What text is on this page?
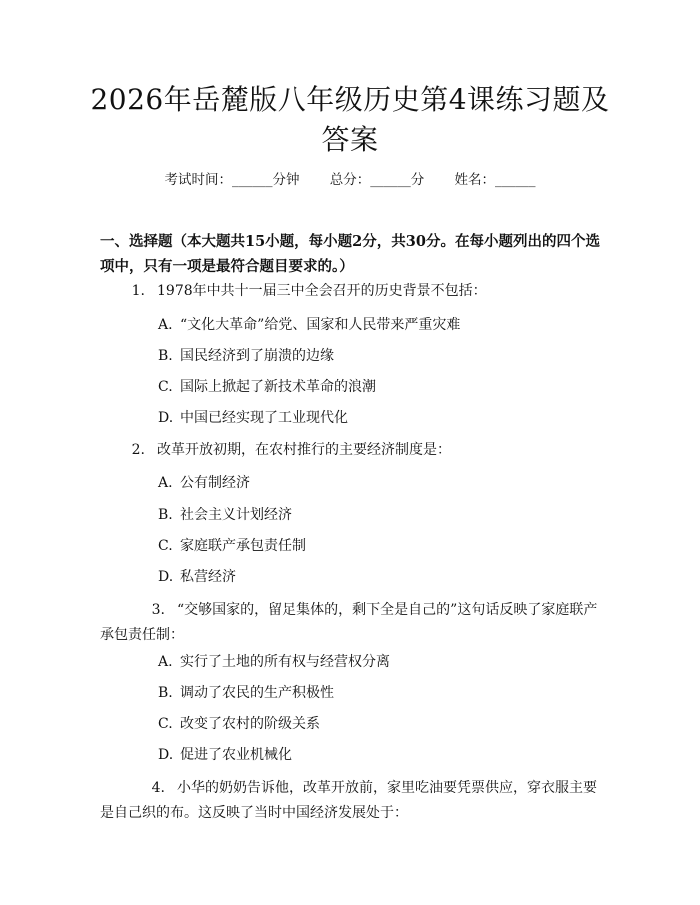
2026年岳麓版八年级历史第4课练习题及答案
考试时间：______分钟 总分：______分 姓名：______
一、选择题（本大题共15小题，每小题2分，共30分。在每小题列出的四个选项中，只有一项是最符合题目要求的。）
1. 1978年中共十一届三中全会召开的历史背景不包括：
A. “文化大革命”给党、国家和人民带来严重灾难
B. 国民经济到了崩溃的边缘
C. 国际上掀起了新技术革命的浪潮
D. 中国已经实现了工业现代化
2. 改革开放初期，在农村推行的主要经济制度是：
A. 公有制经济
B. 社会主义计划经济
C. 家庭联产承包责任制
D. 私营经济
3. “交够国家的，留足集体的，剩下全是自己的”这句话反映了家庭联产承包责任制：
A. 实行了土地的所有权与经营权分离
B. 调动了农民的生产积极性
C. 改变了农村的阶级关系
D. 促进了农业机械化
4. 小华的奶奶告诉他，改革开放前，家里吃油要凭票供应，穿衣服主要是自己织的布。这反映了当时中国经济发展处于：
